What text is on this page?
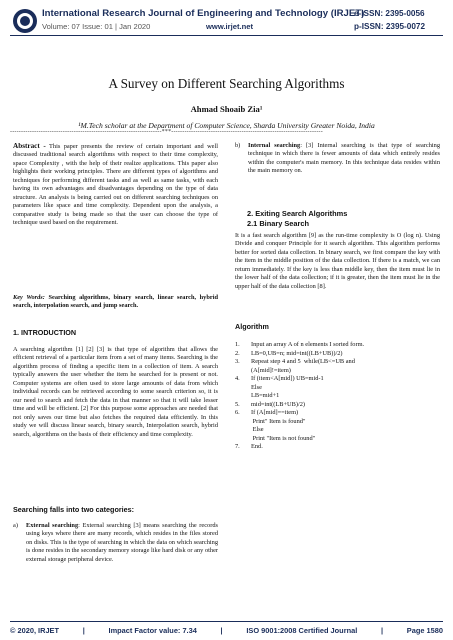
International Research Journal of Engineering and Technology (IRJET)
e-ISSN: 2395-0056
Volume: 07 Issue: 01 | Jan 2020	www.irjet.net	p-ISSN: 2395-0072
A Survey on Different Searching Algorithms
Ahmad Shoaib Zia¹
¹M.Tech scholar at the Department of Computer Science, Sharda University Greater Noida, India
---------------------------------------------------------------------***---------------------------------------------------------------------
Abstract - This paper presents the review of certain important and well discussed traditional search algorithms with respect to their time complexity, space Complexity , with the help of their realize applications. This paper also highlights their working principles. There are different types of algorithms and techniques for performing different tasks and as well as same tasks, with each having its own advantages and disadvantages depending on the type of data structure. An analysis is being carried out on different searching techniques on parameters like space and time complexity. Dependent upon the analysis, a comparative study is being made so that the user can choose the type of technique used based on the requirement.
Key Words: Searching algorithms, binary search, linear search, hybrid search, interpolation search, and jump search.
1. INTRODUCTION
A searching algorithm [1] [2] [3] is that type of algorithm that allows the efficient retrieval of a particular item from a set of many items. Searching is the algorithm process of finding a specific item in a collection of item. A search typically answers the user whether the item he searched for is present or not. Computer systems are often used to store large amounts of data from which individual records can be retrieved according to some search criterion so, it is our need to search and fetch the data in that manner so that it will take lesser time and will be efficient. [2] For this purpose some approaches are needed that not only saves our time but also fetches the required data efficiently. In this study we will discuss linear search, binary search, Interpolation search, hybrid search, algorithms on the basis of their efficiency and time complexity.
Searching falls into two categories:
a)	External searching: External searching [3] means searching the records using keys where there are many records, which resides in the files stored on disks. This is the type of searching in which the data on which searching is done resides in the secondary memory storage like hard disk or any other external storage peripheral device.
b)	Internal searching: [3] Internal searching is that type of searching technique in which there is fewer amounts of data which entirely resides within the computer's main memory. In this technique data resides within the main memory on.
2. Exiting Search Algorithms
2.1 Binary Search
It is a fast search algorithm [9] as the run-time complexity is Ο (log n). Using Divide and conquer Principle for it search algorithm. This algorithm performs better for sorted data collection. In binary search, we first compare the key with the item in the middle position of the data collection. If there is a match, we can return immediately. If the key is less than middle key, then the item must lie in the lower half of the data collection; if it is greater, then the item must lie in the upper half of the data collection [8].
Algorithm
1.	Input an array A of n elements I sorted form.
2.	LB=0,UB=n; mid=int((LB+UB))/2)
3.	Repeat step 4 and 5  while(LB<=UB and
(A[mid]!=item)
4.	If (item<A[mid]) UB=mid-1
Else
LB=mid+1
5.	mid=int((LB+UB)/2)
6.	If (A[mid]==item)
Print" Item is found"
Else
Print "Item is not found"
7.	End.
© 2020, IRJET	|	Impact Factor value: 7.34	|	ISO 9001:2008 Certified Journal	|	Page 1580
